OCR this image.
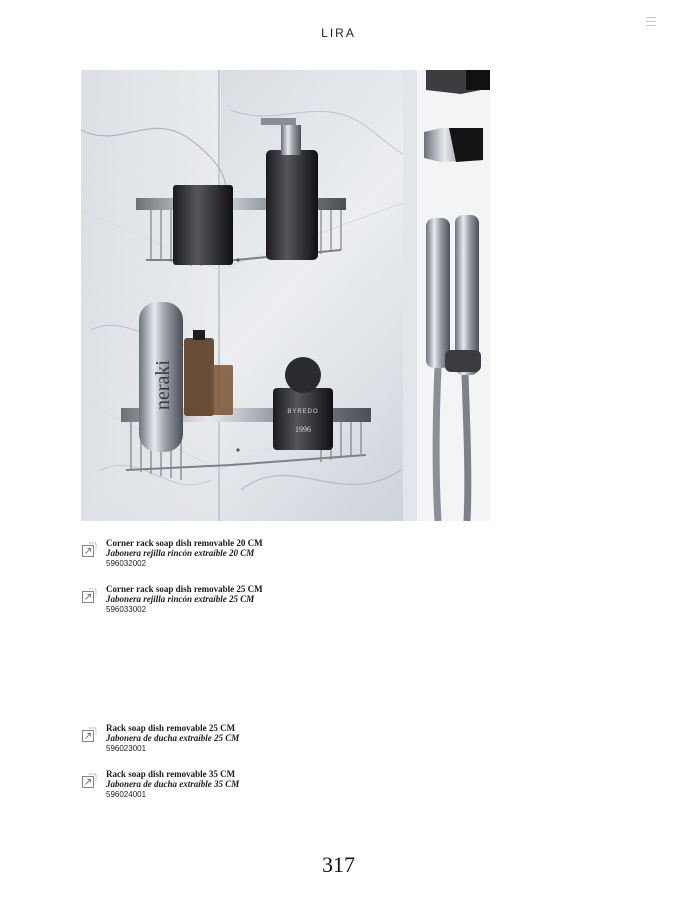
LIRA
neraki
BYREDO
1996
Corner rack soap dish removable 20 CM
Jabonera rejilla rincón extraíble 20 CM
596032002
Corner rack soap dish removable 25 CM
Jabonera rejilla rincón extraíble 25 CM
596033002
Rack soap dish removable 25 CM
Jabonera de ducha extraíble 25 CM
596023001
Rack soap dish removable 35 CM
Jabonera de ducha extraíble 35 CM
596024001
317
